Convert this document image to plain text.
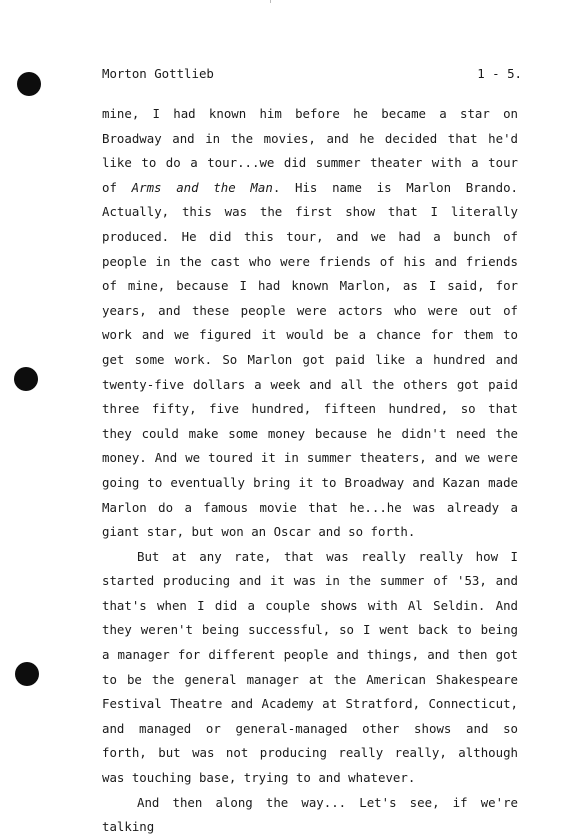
Morton Gottlieb	1 - 5.

mine, I had known him before he became a star on Broadway and in the movies, and he decided that he'd like to do a tour...we did summer theater with a tour of Arms and the Man. His name is Marlon Brando. Actually, this was the first show that I literally produced. He did this tour, and we had a bunch of people in the cast who were friends of his and friends of mine, because I had known Marlon, as I said, for years, and these people were actors who were out of work and we figured it would be a chance for them to get some work. So Marlon got paid like a hundred and twenty-five dollars a week and all the others got paid three fifty, five hundred, fifteen hundred, so that they could make some money because he didn't need the money. And we toured it in summer theaters, and we were going to eventually bring it to Broadway and Kazan made Marlon do a famous movie that he...he was already a giant star, but won an Oscar and so forth.

But at any rate, that was really really how I started producing and it was in the summer of '53, and that's when I did a couple shows with Al Seldin. And they weren't being successful, so I went back to being a manager for different people and things, and then got to be the general manager at the American Shakespeare Festival Theatre and Academy at Stratford, Connecticut, and managed or general-managed other shows and so forth, but was not producing really really, although was touching base, trying to and whatever.

And then along the way... Let's see, if we're talking
